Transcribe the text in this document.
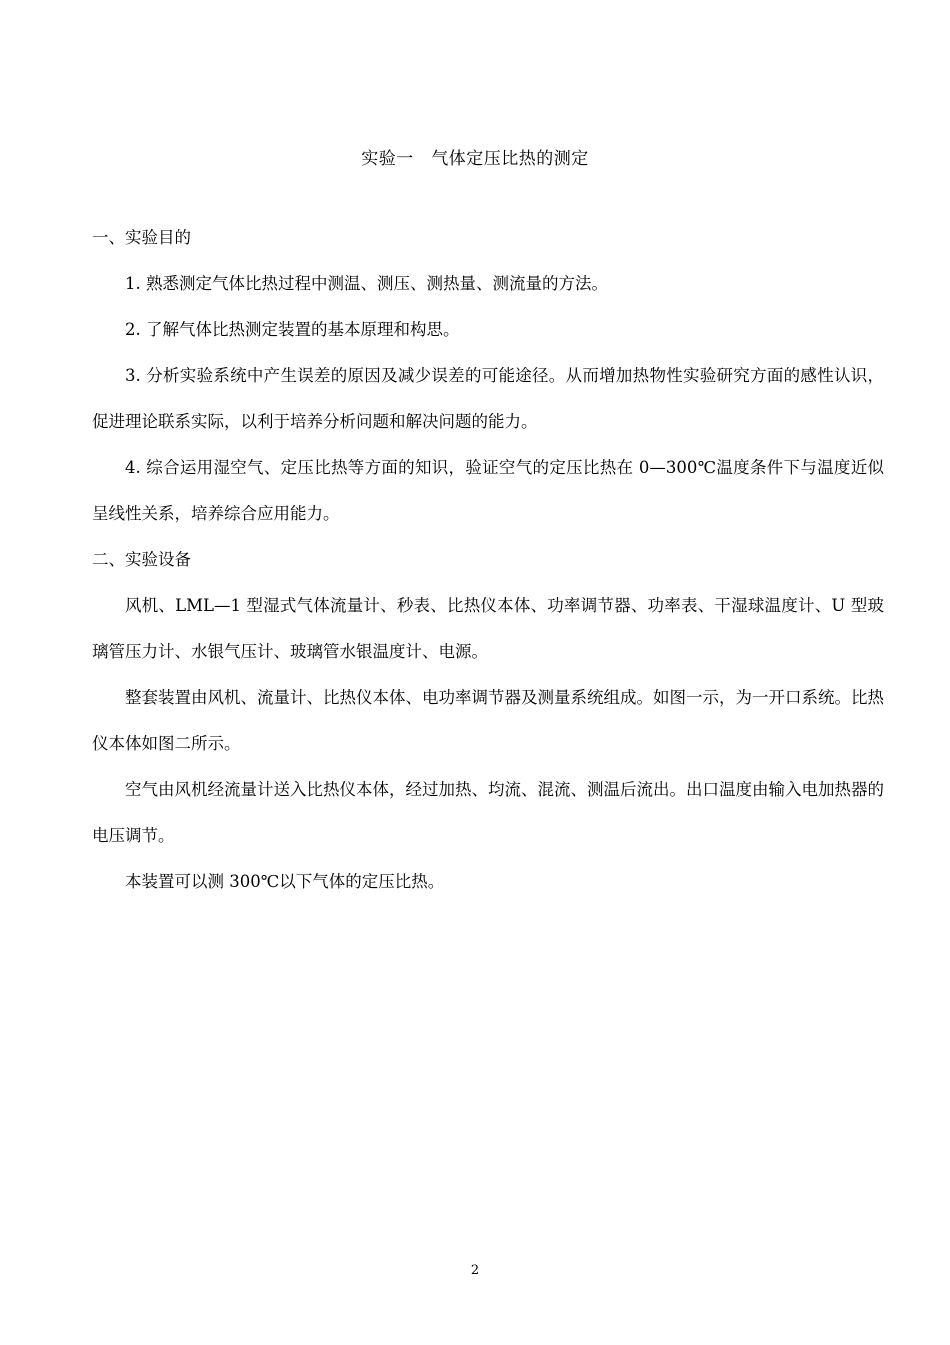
实验一　气体定压比热的测定

一、实验目的

1. 熟悉测定气体比热过程中测温、测压、测热量、测流量的方法。

2. 了解气体比热测定装置的基本原理和构思。

3. 分析实验系统中产生误差的原因及减少误差的可能途径。从而增加热物性实验研究方面的感性认识，促进理论联系实际，以利于培养分析问题和解决问题的能力。

4. 综合运用湿空气、定压比热等方面的知识，验证空气的定压比热在 0—300℃温度条件下与温度近似呈线性关系，培养综合应用能力。

二、实验设备

风机、LML—1 型湿式气体流量计、秒表、比热仪本体、功率调节器、功率表、干湿球温度计、U 型玻璃管压力计、水银气压计、玻璃管水银温度计、电源。

整套装置由风机、流量计、比热仪本体、电功率调节器及测量系统组成。如图一示，为一开口系统。比热仪本体如图二所示。

空气由风机经流量计送入比热仪本体，经过加热、均流、混流、测温后流出。出口温度由输入电加热器的电压调节。

本装置可以测 300℃以下气体的定压比热。

2
